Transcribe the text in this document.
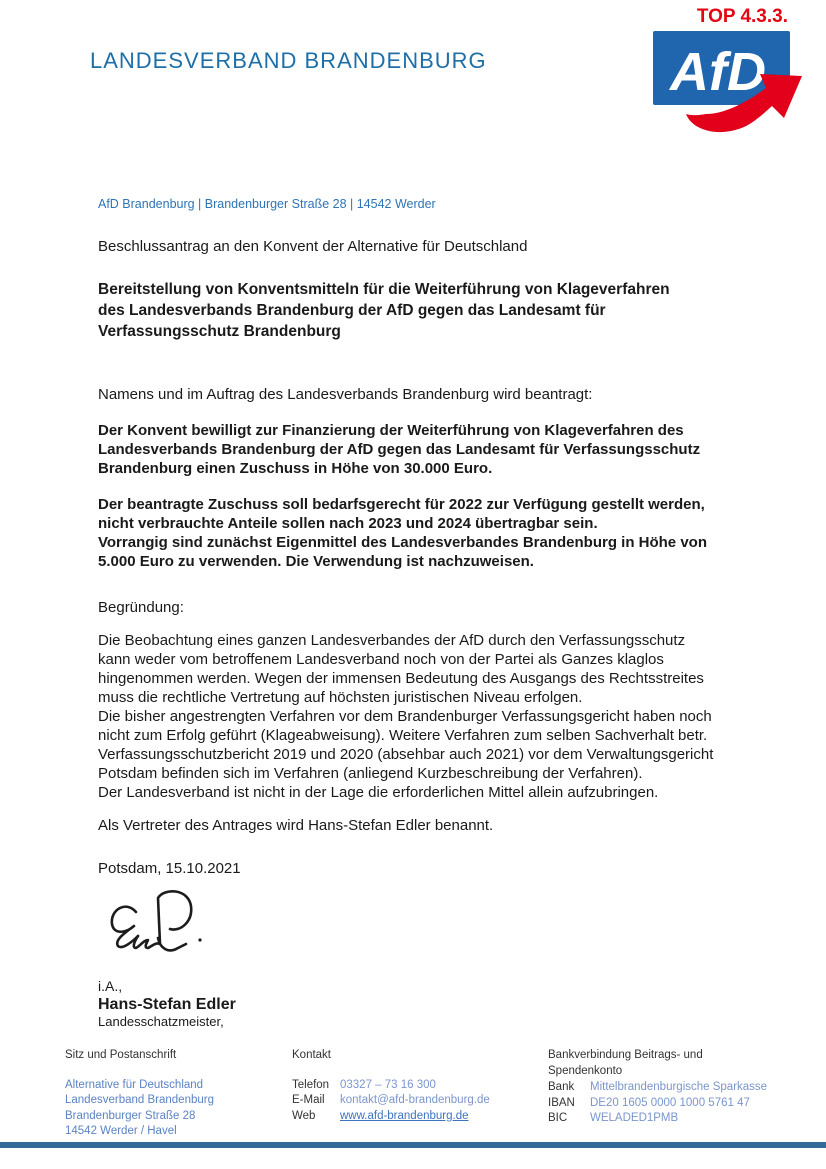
LANDESVERBAND BRANDENBURG
TOP 4.3.3.
AfD
AfD Brandenburg | Brandenburger Straße 28 | 14542 Werder
Beschlussantrag an den Konvent der Alternative für Deutschland
Bereitstellung von Konventsmitteln für die Weiterführung von Klageverfahren
des Landesverbands Brandenburg der AfD gegen das Landesamt für
Verfassungsschutz Brandenburg
Namens und im Auftrag des Landesverbands Brandenburg wird beantragt:
Der Konvent bewilligt zur Finanzierung der Weiterführung von Klageverfahren des
Landesverbands Brandenburg der AfD gegen das Landesamt für Verfassungsschutz
Brandenburg einen Zuschuss in Höhe von 30.000 Euro.
Der beantragte Zuschuss soll bedarfsgerecht für 2022 zur Verfügung gestellt werden,
nicht verbrauchte Anteile sollen nach 2023 und 2024 übertragbar sein.
Vorrangig sind zunächst Eigenmittel des Landesverbandes Brandenburg in Höhe von
5.000 Euro zu verwenden. Die Verwendung ist nachzuweisen.
Begründung:
Die Beobachtung eines ganzen Landesverbandes der AfD durch den Verfassungsschutz
kann weder vom betroffenem Landesverband noch von der Partei als Ganzes klaglos
hingenommen werden. Wegen der immensen Bedeutung des Ausgangs des Rechtsstreites
muss die rechtliche Vertretung auf höchsten juristischen Niveau erfolgen.
Die bisher angestrengten Verfahren vor dem Brandenburger Verfassungsgericht haben noch
nicht zum Erfolg geführt (Klageabweisung). Weitere Verfahren zum selben Sachverhalt betr.
Verfassungsschutzbericht 2019 und 2020 (absehbar auch 2021) vor dem Verwaltungsgericht
Potsdam befinden sich im Verfahren (anliegend Kurzbeschreibung der Verfahren).
Der Landesverband ist nicht in der Lage die erforderlichen Mittel allein aufzubringen.
Als Vertreter des Antrages wird Hans-Stefan Edler benannt.
Potsdam, 15.10.2021
i.A.,
Hans-Stefan Edler
Landesschatzmeister,
Sitz und Postanschrift
Alternative für Deutschland
Landesverband Brandenburg
Brandenburger Straße 28
14542 Werder / Havel
Kontakt
Telefon 03327 – 73 16 300
E-Mail kontakt@afd-brandenburg.de
Web www.afd-brandenburg.de
Bankverbindung Beitrags- und Spendenkonto
Bank Mittelbrandenburgische Sparkasse
IBAN DE20 1605 0000 1000 5761 47
BIC WELADED1PMB
